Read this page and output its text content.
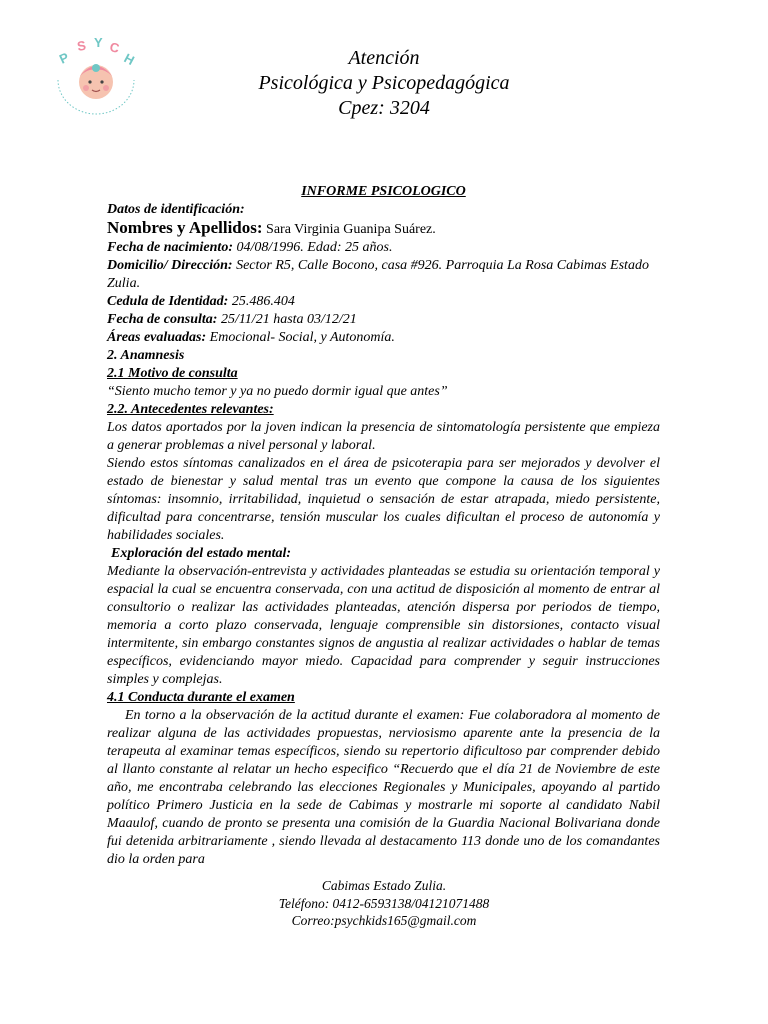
P
S Y C
H	Atención
Psicológica y Psicopedagógica
Cpez: 3204

INFORME PSICOLOGICO

Datos de identificación:

Nombres y Apellidos: Sara Virginia Guanipa Suárez.

Fecha de nacimiento: 04/08/1996. Edad: 25 años.

Domicilio/ Dirección: Sector R5, Calle Bocono, casa #926. Parroquia La Rosa Cabimas Estado Zulia.

Cedula de Identidad: 25.486.404

Fecha de consulta: 25/11/21 hasta 03/12/21

Áreas evaluadas: Emocional- Social, y Autonomía.

2. Anamnesis

2.1 Motivo de consulta

“Siento mucho temor y ya no puedo dormir igual que antes”

2.2. Antecedentes relevantes:

Los datos aportados por la joven indican la presencia de sintomatología persistente que empieza a generar problemas a nivel personal y laboral.

Siendo estos síntomas canalizados en el área de psicoterapia para ser mejorados y devolver el estado de bienestar y salud mental tras un evento que compone la causa de los siguientes síntomas: insomnio, irritabilidad, inquietud o sensación de estar atrapada, miedo persistente, dificultad para concentrarse, tensión muscular los cuales dificultan el proceso de autonomía y habilidades sociales.

Exploración del estado mental:

Mediante la observación-entrevista y actividades planteadas se estudia su orientación temporal y espacial la cual se encuentra conservada, con una actitud de disposición al momento de entrar al consultorio o realizar las actividades planteadas, atención dispersa por periodos de tiempo, memoria a corto plazo conservada, lenguaje comprensible sin distorsiones, contacto visual intermitente, sin embargo constantes signos de angustia al realizar actividades o hablar de temas específicos, evidenciando mayor miedo. Capacidad para comprender y seguir instrucciones simples y complejas.

4.1 Conducta durante el examen

En torno a la observación de la actitud durante el examen: Fue colaboradora al momento de realizar alguna de las actividades propuestas, nerviosismo aparente ante la presencia de la terapeuta al examinar temas específicos, siendo su repertorio dificultoso par comprender debido al llanto constante al relatar un hecho especifico “Recuerdo que el día 21 de Noviembre de este año, me encontraba celebrando las elecciones Regionales y Municipales, apoyando al partido político Primero Justicia en la sede de Cabimas y mostrarle mi soporte al candidato Nabil Maaulof, cuando de pronto se presenta una comisión de la Guardia Nacional Bolivariana donde fui detenida arbitrariamente , siendo llevada al destacamento 113 donde uno de los comandantes dio la orden para

Cabimas Estado Zulia.
Teléfono: 0412-6593138/04121071488
Correo:psychkids165@gmail.com
